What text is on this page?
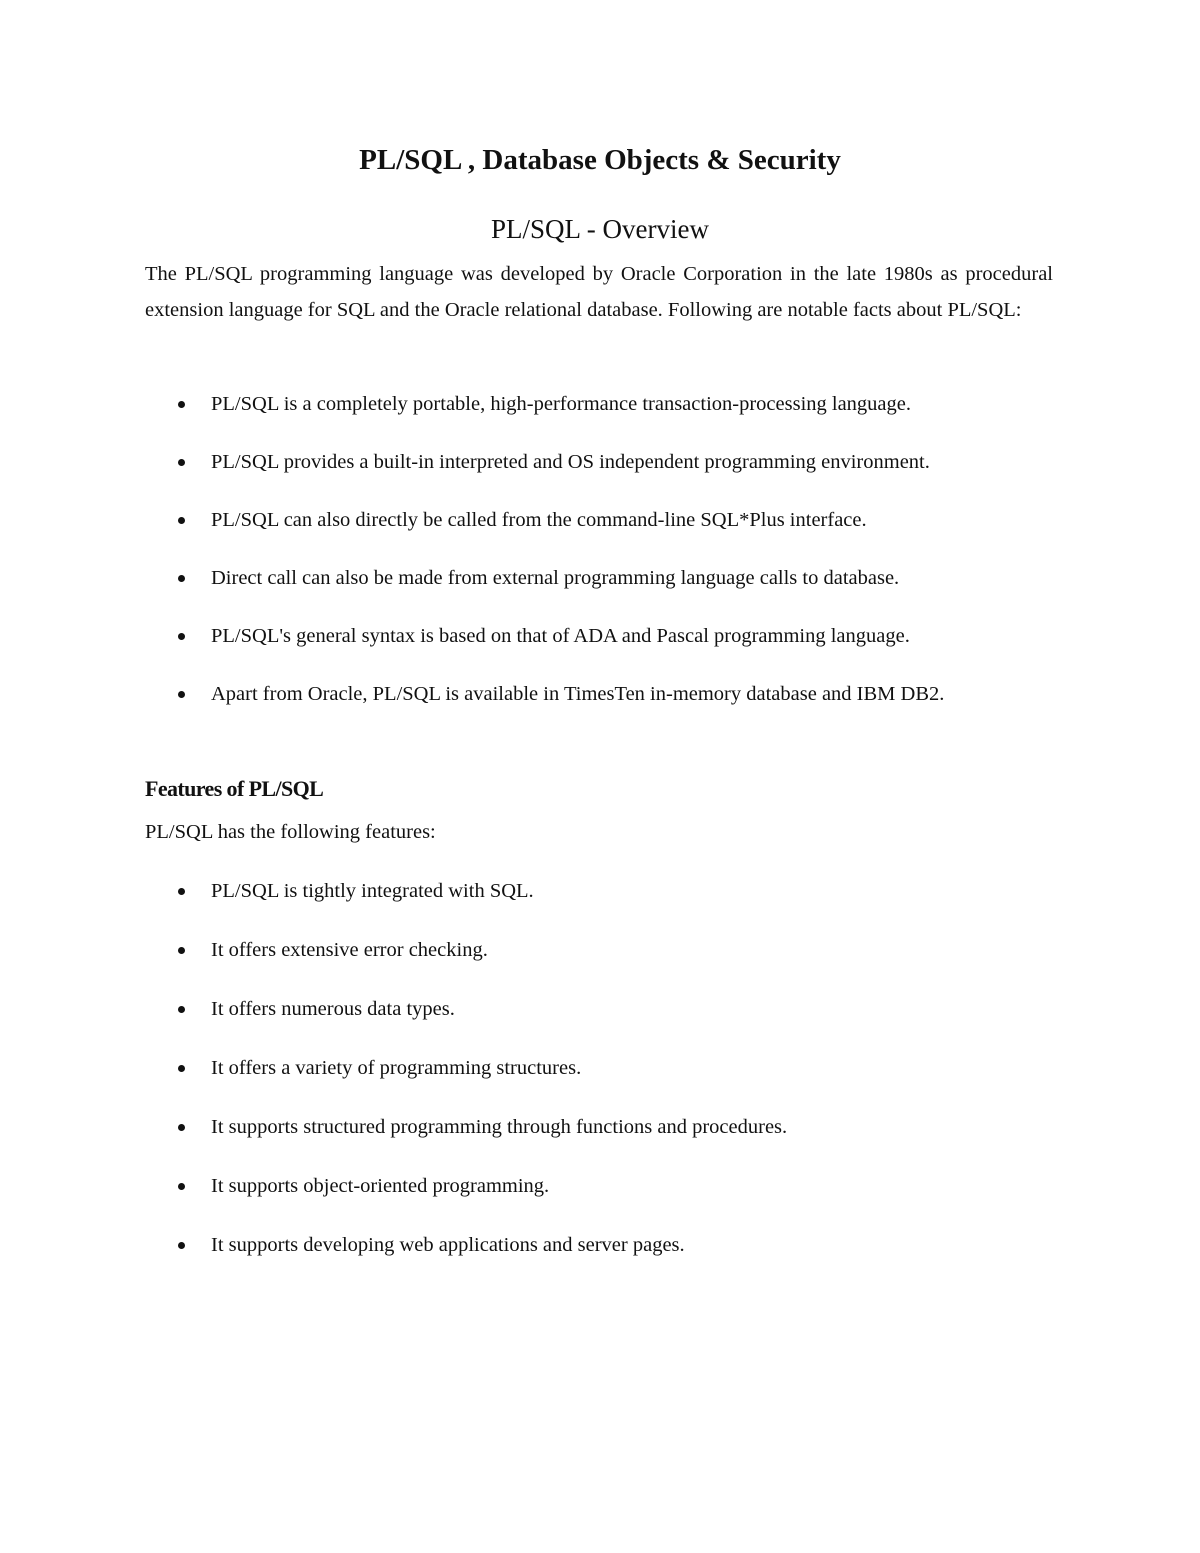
PL/SQL , Database Objects & Security
PL/SQL - Overview

The PL/SQL programming language was developed by Oracle Corporation in the late 1980s as procedural extension language for SQL and the Oracle relational database. Following are notable facts about PL/SQL:

PL/SQL is a completely portable, high-performance transaction-processing language.
PL/SQL provides a built-in interpreted and OS independent programming environment.
PL/SQL can also directly be called from the command-line SQL*Plus interface.
Direct call can also be made from external programming language calls to database.
PL/SQL's general syntax is based on that of ADA and Pascal programming language.
Apart from Oracle, PL/SQL is available in TimesTen in-memory database and IBM DB2.
Features of PL/SQL

PL/SQL has the following features:

PL/SQL is tightly integrated with SQL.
It offers extensive error checking.
It offers numerous data types.
It offers a variety of programming structures.
It supports structured programming through functions and procedures.
It supports object-oriented programming.
It supports developing web applications and server pages.
